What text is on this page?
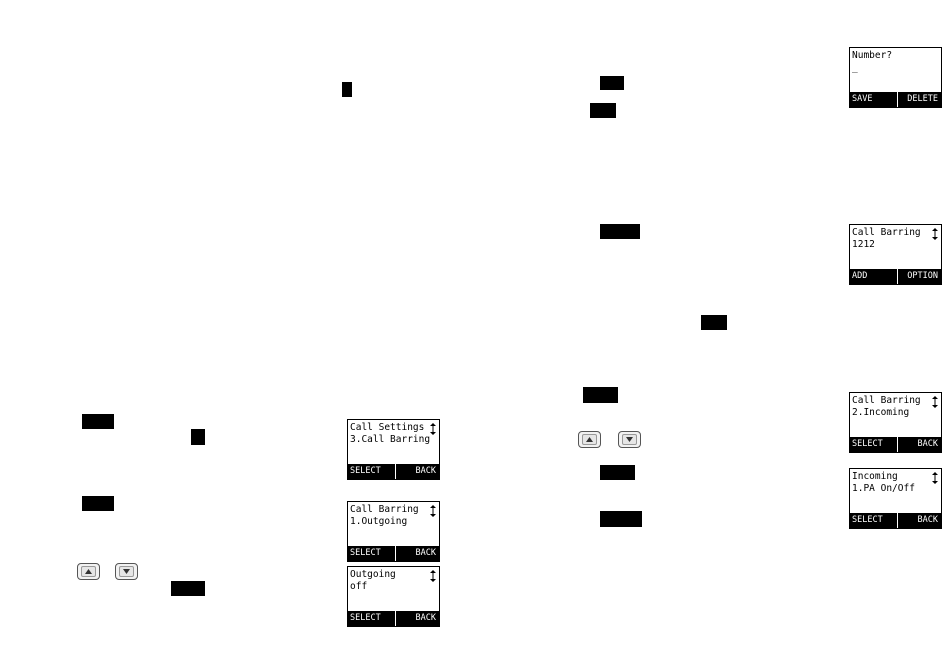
Call Settings
3.Call Barring
SELECT	BACK
Call Barring
1.Outgoing
SELECT	BACK
Outgoing
off
SELECT	BACK
Number?
_
SAVE	DELETE
Call Barring
1212
ADD	OPTION
Call Barring
2.Incoming
SELECT	BACK
Incoming
1.PA On/Off
SELECT	BACK
